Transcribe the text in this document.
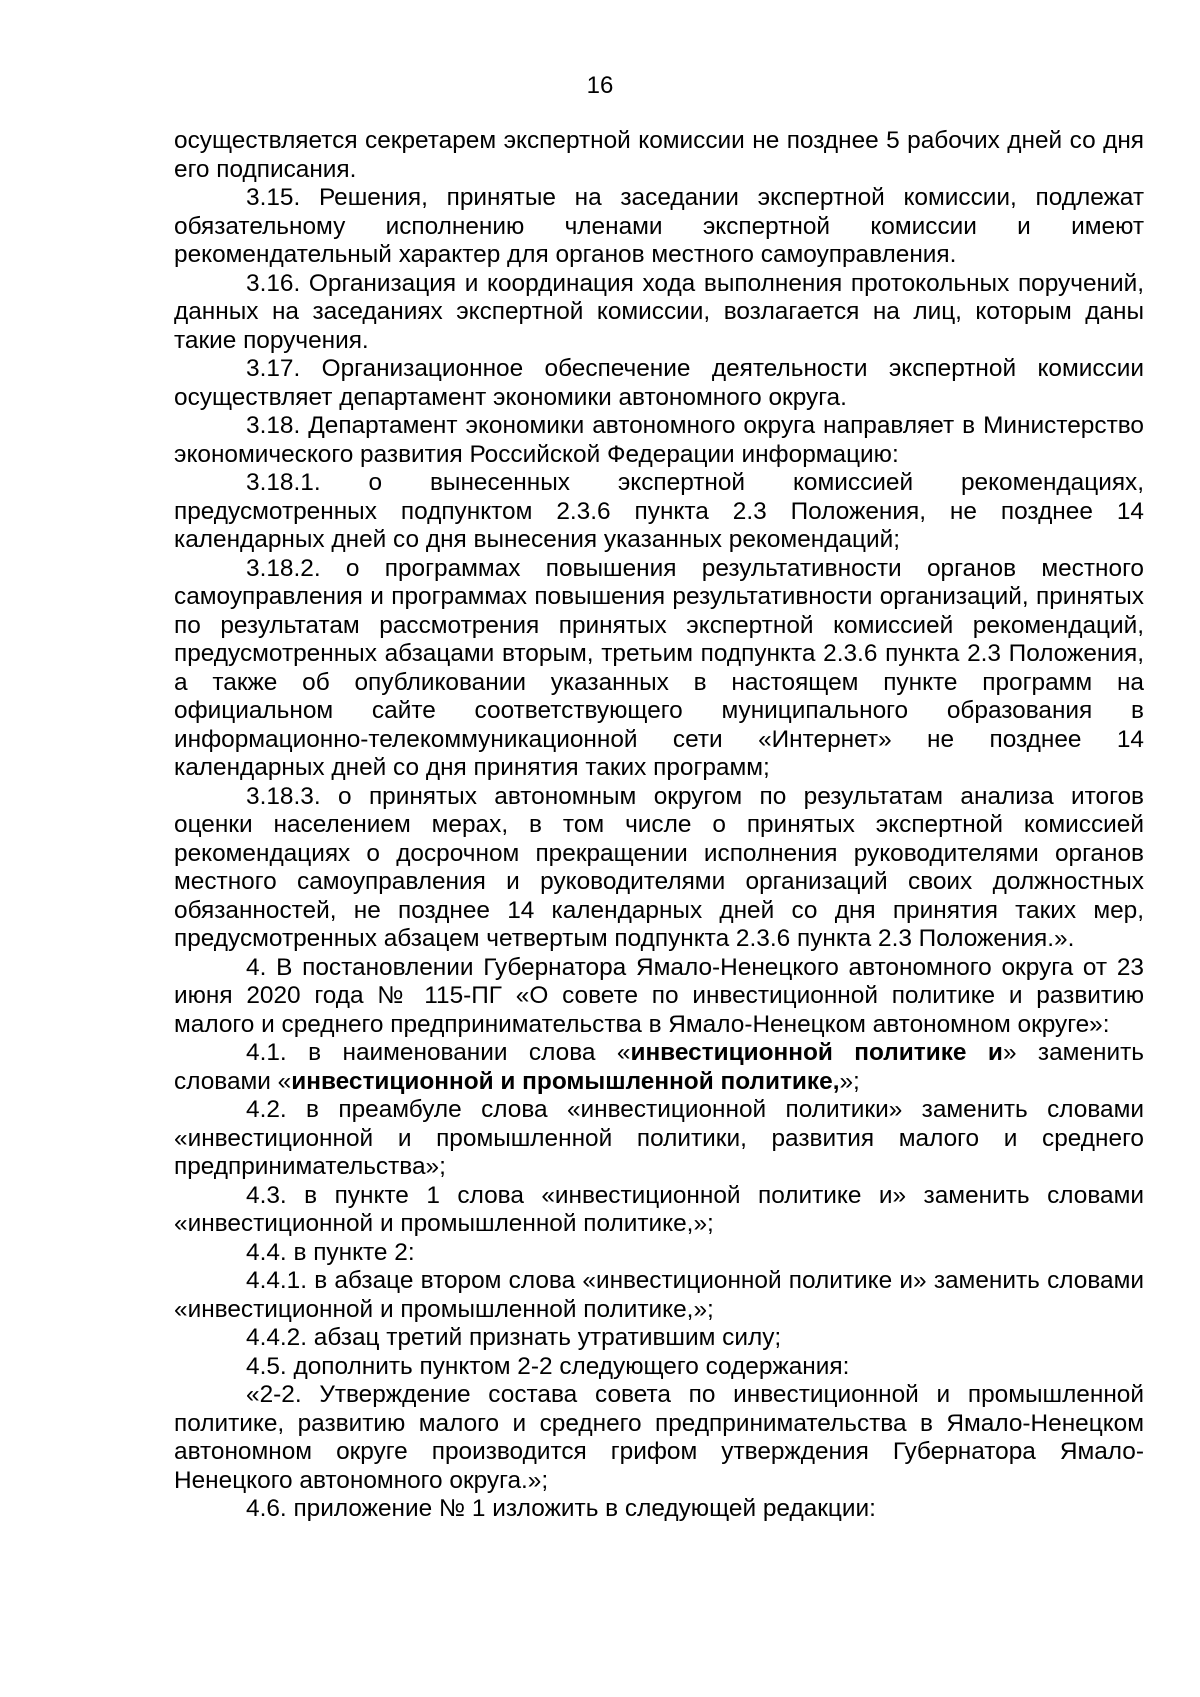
16

осуществляется секретарем экспертной комиссии не позднее 5 рабочих дней со дня его подписания.

3.15. Решения, принятые на заседании экспертной комиссии, подлежат обязательному исполнению членами экспертной комиссии и имеют рекомендательный характер для органов местного самоуправления.

3.16. Организация и координация хода выполнения протокольных поручений, данных на заседаниях экспертной комиссии, возлагается на лиц, которым даны такие поручения.

3.17. Организационное обеспечение деятельности экспертной комиссии осуществляет департамент экономики автономного округа.

3.18. Департамент экономики автономного округа направляет в Министерство экономического развития Российской Федерации информацию:

3.18.1. о вынесенных экспертной комиссией рекомендациях, предусмотренных подпунктом 2.3.6 пункта 2.3 Положения, не позднее 14 календарных дней со дня вынесения указанных рекомендаций;

3.18.2. о программах повышения результативности органов местного самоуправления и программах повышения результативности организаций, принятых по результатам рассмотрения принятых экспертной комиссией рекомендаций, предусмотренных абзацами вторым, третьим подпункта 2.3.6 пункта 2.3 Положения, а также об опубликовании указанных в настоящем пункте программ на официальном сайте соответствующего муниципального образования в информационно-телекоммуникационной сети «Интернет» не позднее 14 календарных дней со дня принятия таких программ;

3.18.3. о принятых автономным округом по результатам анализа итогов оценки населением мерах, в том числе о принятых экспертной комиссией рекомендациях о досрочном прекращении исполнения руководителями органов местного самоуправления и руководителями организаций своих должностных обязанностей, не позднее 14 календарных дней со дня принятия таких мер, предусмотренных абзацем четвертым подпункта 2.3.6 пункта 2.3 Положения.».

4. В постановлении Губернатора Ямало-Ненецкого автономного округа от 23 июня 2020 года № 115-ПГ «О совете по инвестиционной политике и развитию малого и среднего предпринимательства в Ямало-Ненецком автономном округе»:

4.1. в наименовании слова «инвестиционной политике и» заменить словами «инвестиционной и промышленной политике,»;

4.2. в преамбуле слова «инвестиционной политики» заменить словами «инвестиционной и промышленной политики, развития малого и среднего предпринимательства»;

4.3. в пункте 1 слова «инвестиционной политике и» заменить словами «инвестиционной и промышленной политике,»;

4.4. в пункте 2:

4.4.1. в абзаце втором слова «инвестиционной политике и» заменить словами «инвестиционной и промышленной политике,»;

4.4.2. абзац третий признать утратившим силу;

4.5. дополнить пунктом 2-2 следующего содержания:

«2-2. Утверждение состава совета по инвестиционной и промышленной политике, развитию малого и среднего предпринимательства в Ямало-Ненецком автономном округе производится грифом утверждения Губернатора Ямало-Ненецкого автономного округа.»;

4.6. приложение № 1 изложить в следующей редакции:
